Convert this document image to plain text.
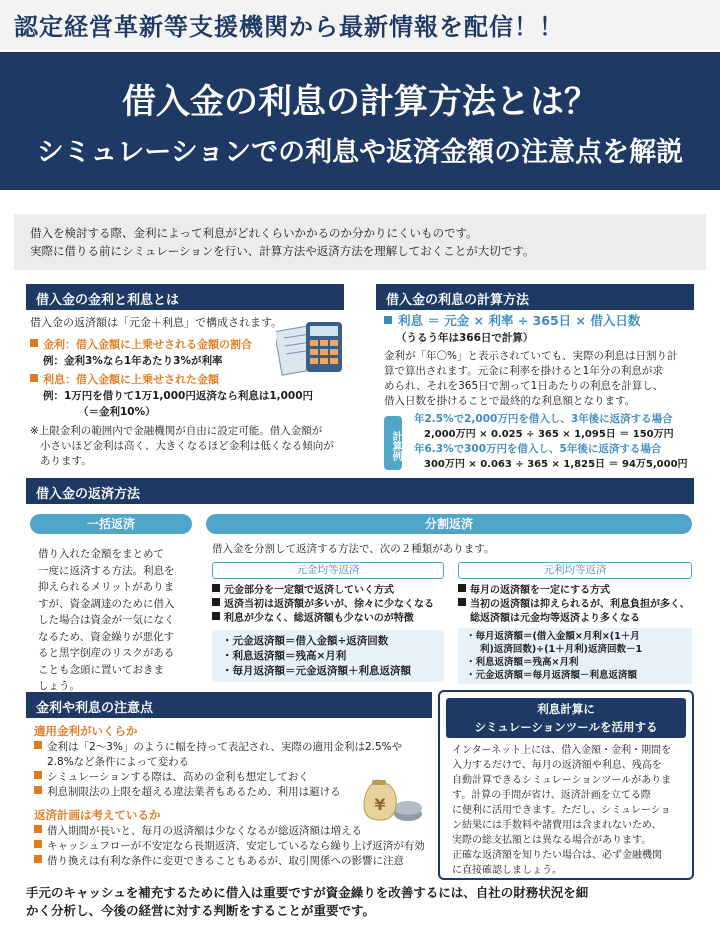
認定経営革新等支援機関から最新情報を配信！！
借入金の利息の計算方法とは？
シミュレーションでの利息や返済金額の注意点を解説
借入を検討する際、金利によって利息がどれくらいかかるのか分かりにくいものです。
実際に借りる前にシミュレーションを行い、計算方法や返済方法を理解しておくことが大切です。
借入金の金利と利息とは
借入金の返済額は「元金＋利息」で構成されます。
金利：借入金額に上乗せされる金額の割合
例：金利3%なら1年あたり3%が利率
利息：借入金額に上乗せされた金額
例：1万円を借りて1万1,000円返済なら利息は1,000円
（＝金利10%）
※上限金利の範囲内で金融機関が自由に設定可能。借入金額が
小さいほど金利は高く、大きくなるほど金利は低くなる傾向が
あります。
借入金の利息の計算方法
利息 ＝ 元金 × 利率 ÷ 365日 × 借入日数
（うるう年は366日で計算）
金利が「年〇%」と表示されていても、実際の利息は日割り計
算で算出されます。元金に利率を掛けると1年分の利息が求
められ、それを365日で割って1日あたりの利息を計算し、
借入日数を掛けることで最終的な利息額となります。
計算例
年2.5%で2,000万円を借入し、3年後に返済する場合
2,000万円 × 0.025 ÷ 365 × 1,095日 ＝ 150万円
年6.3%で300万円を借入し、5年後に返済する場合
300万円 × 0.063 ÷ 365 × 1,825日 ＝ 94万5,000円
借入金の返済方法
一括返済
借り入れた金額をまとめて
一度に返済する方法。利息を
抑えられるメリットがありま
すが、資金調達のために借入
した場合は資金が一気になく
なるため、資金繰りが悪化す
ると黒字倒産のリスクがある
ことも念頭に置いておきま
しょう。
分割返済
借入金を分割して返済する方法で、次の２種類があります。
元金均等返済
元金部分を一定額で返済していく方式
返済当初は返済額が多いが、徐々に少なくなる
利息が少なく、総返済額も少ないのが特徴
・元金返済額＝借入金額÷返済回数
・利息返済額＝残高×月利
・毎月返済額＝元金返済額＋利息返済額
元利均等返済
毎月の返済額を一定にする方式
当初の返済額は抑えられるが、利息負担が多く、
総返済額は元金均等返済より多くなる
・毎月返済額＝(借入金額×月利×(1＋月
利)返済回数)÷(1＋月利)返済回数－1
・利息返済額＝残高×月利
・元金返済額＝毎月返済額－利息返済額
金利や利息の注意点
適用金利がいくらか
金利は「2～3%」のように幅を持って表記され、実際の適用金利は2.5%や
2.8%など条件によって変わる
シミュレーションする際は、高めの金利も想定しておく
利息制限法の上限を超える違法業者もあるため、利用は避ける
返済計画は考えているか
借入期間が長いと、毎月の返済額は少なくなるが総返済額は増える
キャッシュフローが不安定なら長期返済、安定しているなら繰り上げ返済が有効
借り換えは有利な条件に変更できることもあるが、取引関係への影響に注意
¥
利息計算に
シミュレーションツールを活用する
インターネット上には、借入金額・金利・期間を
入力するだけで、毎月の返済額や利息、残高を
自動計算できるシミュレーションツールがありま
す。計算の手間が省け、返済計画を立てる際
に便利に活用できます。ただし、シミュレーショ
ン結果には手数料や諸費用は含まれないため、
実際の総支払額とは異なる場合があります。
正確な返済額を知りたい場合は、必ず金融機関
に直接確認しましょう。
手元のキャッシュを補充するために借入は重要ですが資金繰りを改善するには、自社の財務状況を細
かく分析し、今後の経営に対する判断をすることが重要です。
